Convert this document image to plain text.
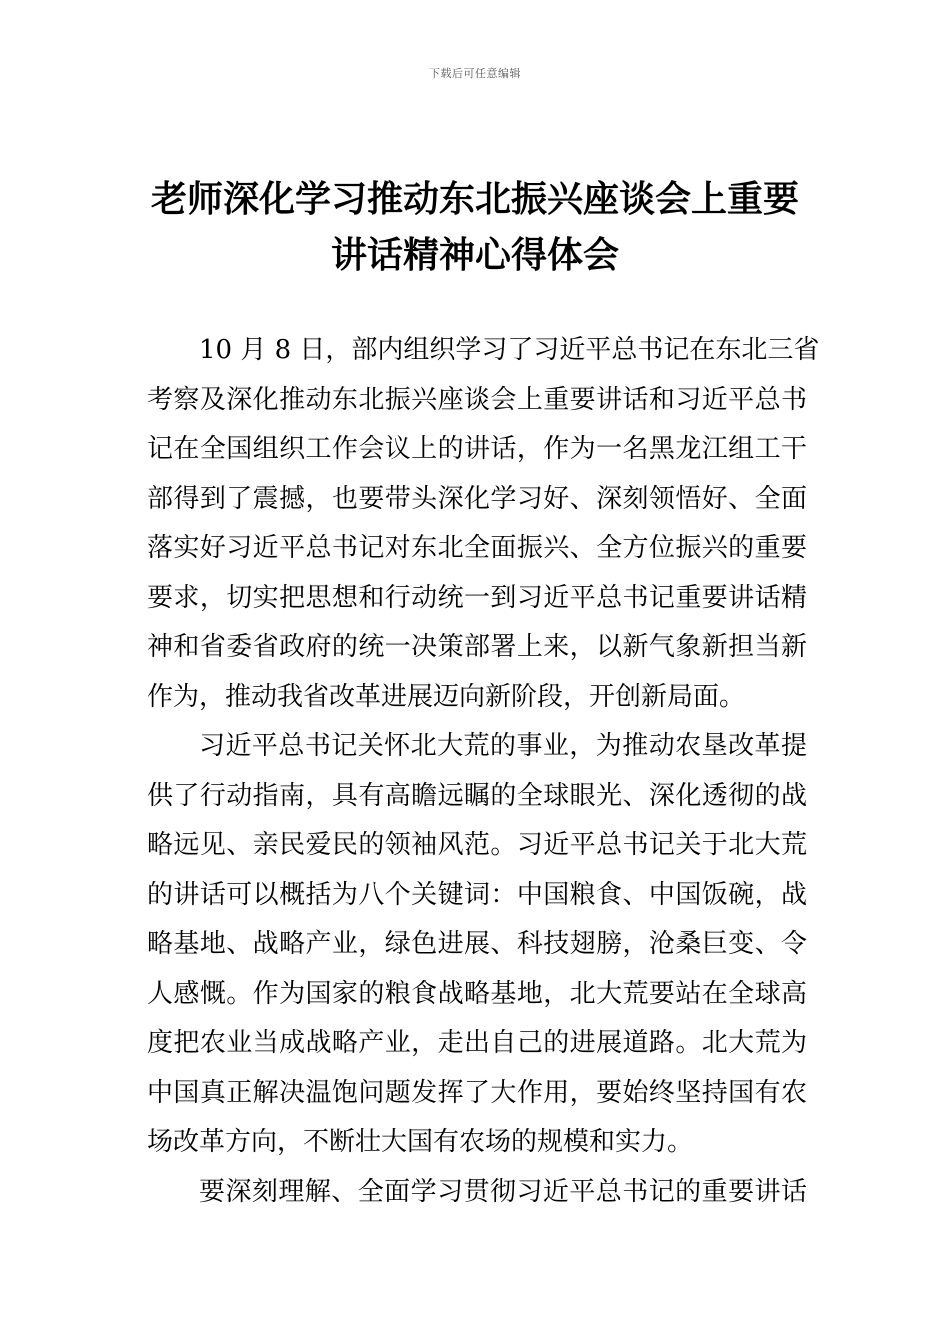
下载后可任意编辑
老师深化学习推动东北振兴座谈会上重要
讲话精神心得体会

10 月 8 日，部内组织学习了习近平总书记在东北三省
考察及深化推动东北振兴座谈会上重要讲话和习近平总书
记在全国组织工作会议上的讲话，作为一名黑龙江组工干
部得到了震撼，也要带头深化学习好、深刻领悟好、全面
落实好习近平总书记对东北全面振兴、全方位振兴的重要
要求，切实把思想和行动统一到习近平总书记重要讲话精
神和省委省政府的统一决策部署上来，以新气象新担当新
作为，推动我省改革进展迈向新阶段，开创新局面。

习近平总书记关怀北大荒的事业，为推动农垦改革提
供了行动指南，具有高瞻远瞩的全球眼光、深化透彻的战
略远见、亲民爱民的领袖风范。习近平总书记关于北大荒
的讲话可以概括为八个关键词：中国粮食、中国饭碗，战
略基地、战略产业，绿色进展、科技翅膀，沧桑巨变、令
人感慨。作为国家的粮食战略基地，北大荒要站在全球高
度把农业当成战略产业，走出自己的进展道路。北大荒为
中国真正解决温饱问题发挥了大作用，要始终坚持国有农
场改革方向，不断壮大国有农场的规模和实力。

要深刻理解、全面学习贯彻习近平总书记的重要讲话
